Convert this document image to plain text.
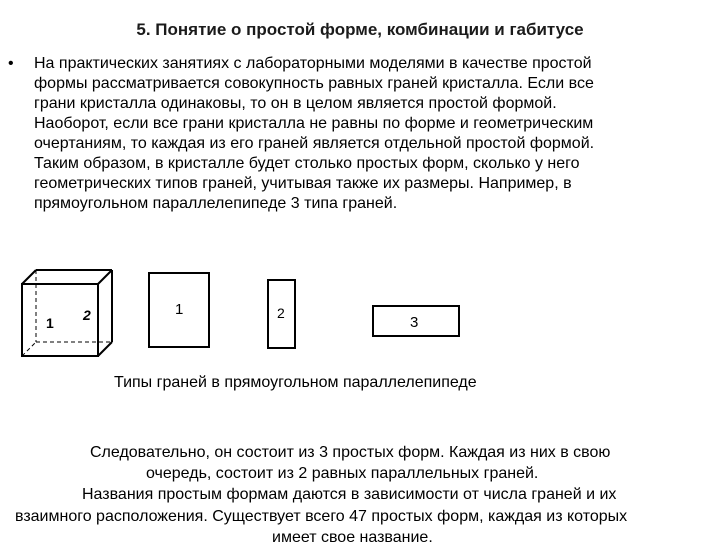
5. Понятие о простой форме, комбинации и габитусе
• На практических занятиях с лабораторными моделями в качестве простой
формы рассматривается совокупность равных граней кристалла. Если все
грани кристалла одинаковы, то он в целом является простой формой.
Наоборот, если все грани кристалла не равны по форме и геометрическим
очертаниям, то каждая из его граней является отдельной простой формой.
Таким образом, в кристалле будет столько простых форм, сколько у него
геометрических типов граней, учитывая также их размеры. Например, в
прямоугольном параллелепипеде 3 типа граней.
1 2	1	2
3
Типы граней в прямоугольном параллелепипеде
Следовательно, он состоит из 3 простых форм. Каждая из них в свою
очередь, состоит из 2 равных параллельных граней.
Названия простым формам даются в зависимости от числа граней и их
взаимного расположения. Существует всего 47 простых форм, каждая из которых
имеет свое название.
